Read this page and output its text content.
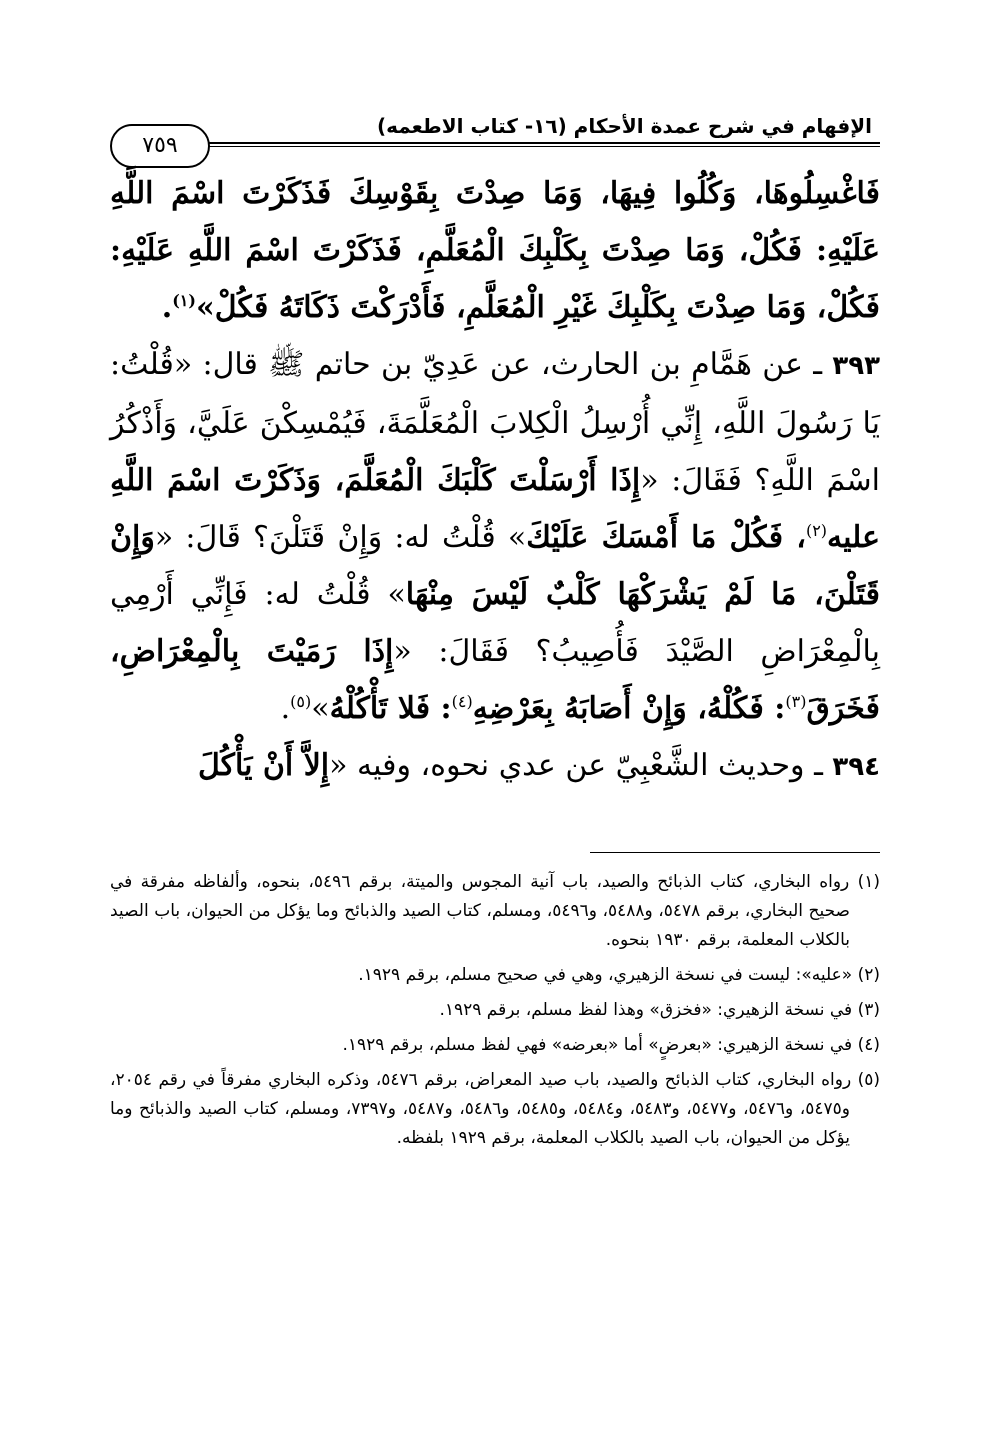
الإفهام في شرح عمدة الأحكام (١٦- كتاب الاطعمه)
٧٥٩

فَاغْسِلُوهَا، وَكُلُوا فِيهَا، وَمَا صِدْتَ بِقَوْسِكَ فَذَكَرْتَ اسْمَ اللَّهِ عَلَيْهِ: فَكُلْ، وَمَا صِدْتَ بِكَلْبِكَ الْمُعَلَّمِ، فَذَكَرْتَ اسْمَ اللَّهِ عَلَيْهِ: فَكُلْ، وَمَا صِدْتَ بِكَلْبِكَ غَيْرِ الْمُعَلَّمِ، فَأَدْرَكْتَ ذَكَاتَهُ فَكُلْ»$^{(١)}$.

٣٩٣ ـ عن هَمَّامِ بن الحارث، عن عَدِيّ بن حاتم ﷺ قال: «قُلْتُ: يَا رَسُولَ اللَّهِ، إِنِّي أُرْسِلُ الْكِلابَ الْمُعَلَّمَةَ، فَيُمْسِكْنَ عَلَيَّ، وَأَذْكُرُ اسْمَ اللَّهِ؟ فَقَالَ: «إِذَا أَرْسَلْتَ كَلْبَكَ الْمُعَلَّمَ، وَذَكَرْتَ اسْمَ اللَّهِ عليه$^{(٢)}$، فَكُلْ مَا أَمْسَكَ عَلَيْكَ» قُلْتُ له: وَإِنْ قَتَلْنَ؟ قَالَ: «وَإِنْ قَتَلْنَ، مَا لَمْ يَشْرَكْهَا كَلْبٌ لَيْسَ مِنْهَا» قُلْتُ له: فَإِنِّي أَرْمِي بِالْمِعْرَاضِ الصَّيْدَ فَأُصِيبُ؟ فَقَالَ: «إِذَا رَمَيْتَ بِالْمِعْرَاضِ، فَخَرَقَ$^{(٣)}$: فَكُلْهُ، وَإِنْ أَصَابَهُ بِعَرْضِهِ$^{(٤)}$: فَلا تَأْكُلْهُ»$^{(٥)}$.

٣٩٤ ـ وحديث الشَّعْبِيّ عن عدي نحوه، وفيه «إِلاَّ أَنْ يَأْكُلَ

(١) رواه البخاري، كتاب الذبائح والصيد، باب آنية المجوس والميتة، برقم ٥٤٩٦، بنحوه، وألفاظه مفرقة في صحيح البخاري، برقم ٥٤٧٨، و٥٤٨٨، و٥٤٩٦، ومسلم، كتاب الصيد والذبائح وما يؤكل من الحيوان، باب الصيد بالكلاب المعلمة، برقم ١٩٣٠ بنحوه.

(٢) «عليه»: ليست في نسخة الزهيري، وهي في صحيح مسلم، برقم ١٩٢٩.

(٣) في نسخة الزهيري: «فخزق» وهذا لفظ مسلم، برقم ١٩٢٩.

(٤) في نسخة الزهيري: «بعرضٍ» أما «بعرضه» فهي لفظ مسلم، برقم ١٩٢٩.

(٥) رواه البخاري، كتاب الذبائح والصيد، باب صيد المعراض، برقم ٥٤٧٦، وذكره البخاري مفرقاً في رقم ٢٠٥٤، و٥٤٧٥، و٥٤٧٦، و٥٤٧٧، و٥٤٨٣، و٥٤٨٤، و٥٤٨٥، و٥٤٨٦، و٥٤٨٧، و٧٣٩٧، ومسلم، كتاب الصيد والذبائح وما يؤكل من الحيوان، باب الصيد بالكلاب المعلمة، برقم ١٩٢٩ بلفظه.
